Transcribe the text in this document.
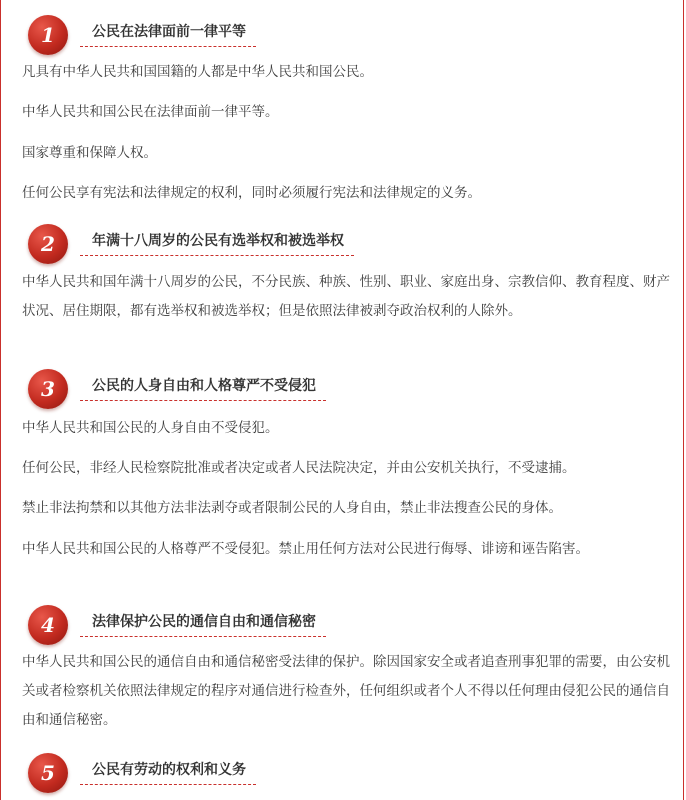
1	公民在法律面前一律平等

凡具有中华人民共和国国籍的人都是中华人民共和国公民。

中华人民共和国公民在法律面前一律平等。

国家尊重和保障人权。

任何公民享有宪法和法律规定的权利，同时必须履行宪法和法律规定的义务。

2	年满十八周岁的公民有选举权和被选举权

中华人民共和国年满十八周岁的公民，不分民族、种族、性别、职业、家庭出身、宗教信仰、教育程度、财产状况、居住期限，都有选举权和被选举权；但是依照法律被剥夺政治权利的人除外。

3	公民的人身自由和人格尊严不受侵犯

中华人民共和国公民的人身自由不受侵犯。

任何公民，非经人民检察院批准或者决定或者人民法院决定，并由公安机关执行，不受逮捕。

禁止非法拘禁和以其他方法非法剥夺或者限制公民的人身自由，禁止非法搜查公民的身体。

中华人民共和国公民的人格尊严不受侵犯。禁止用任何方法对公民进行侮辱、诽谤和诬告陷害。

4	法律保护公民的通信自由和通信秘密

中华人民共和国公民的通信自由和通信秘密受法律的保护。除因国家安全或者追查刑事犯罪的需要，由公安机关或者检察机关依照法律规定的程序对通信进行检查外，任何组织或者个人不得以任何理由侵犯公民的通信自由和通信秘密。

5	公民有劳动的权利和义务
